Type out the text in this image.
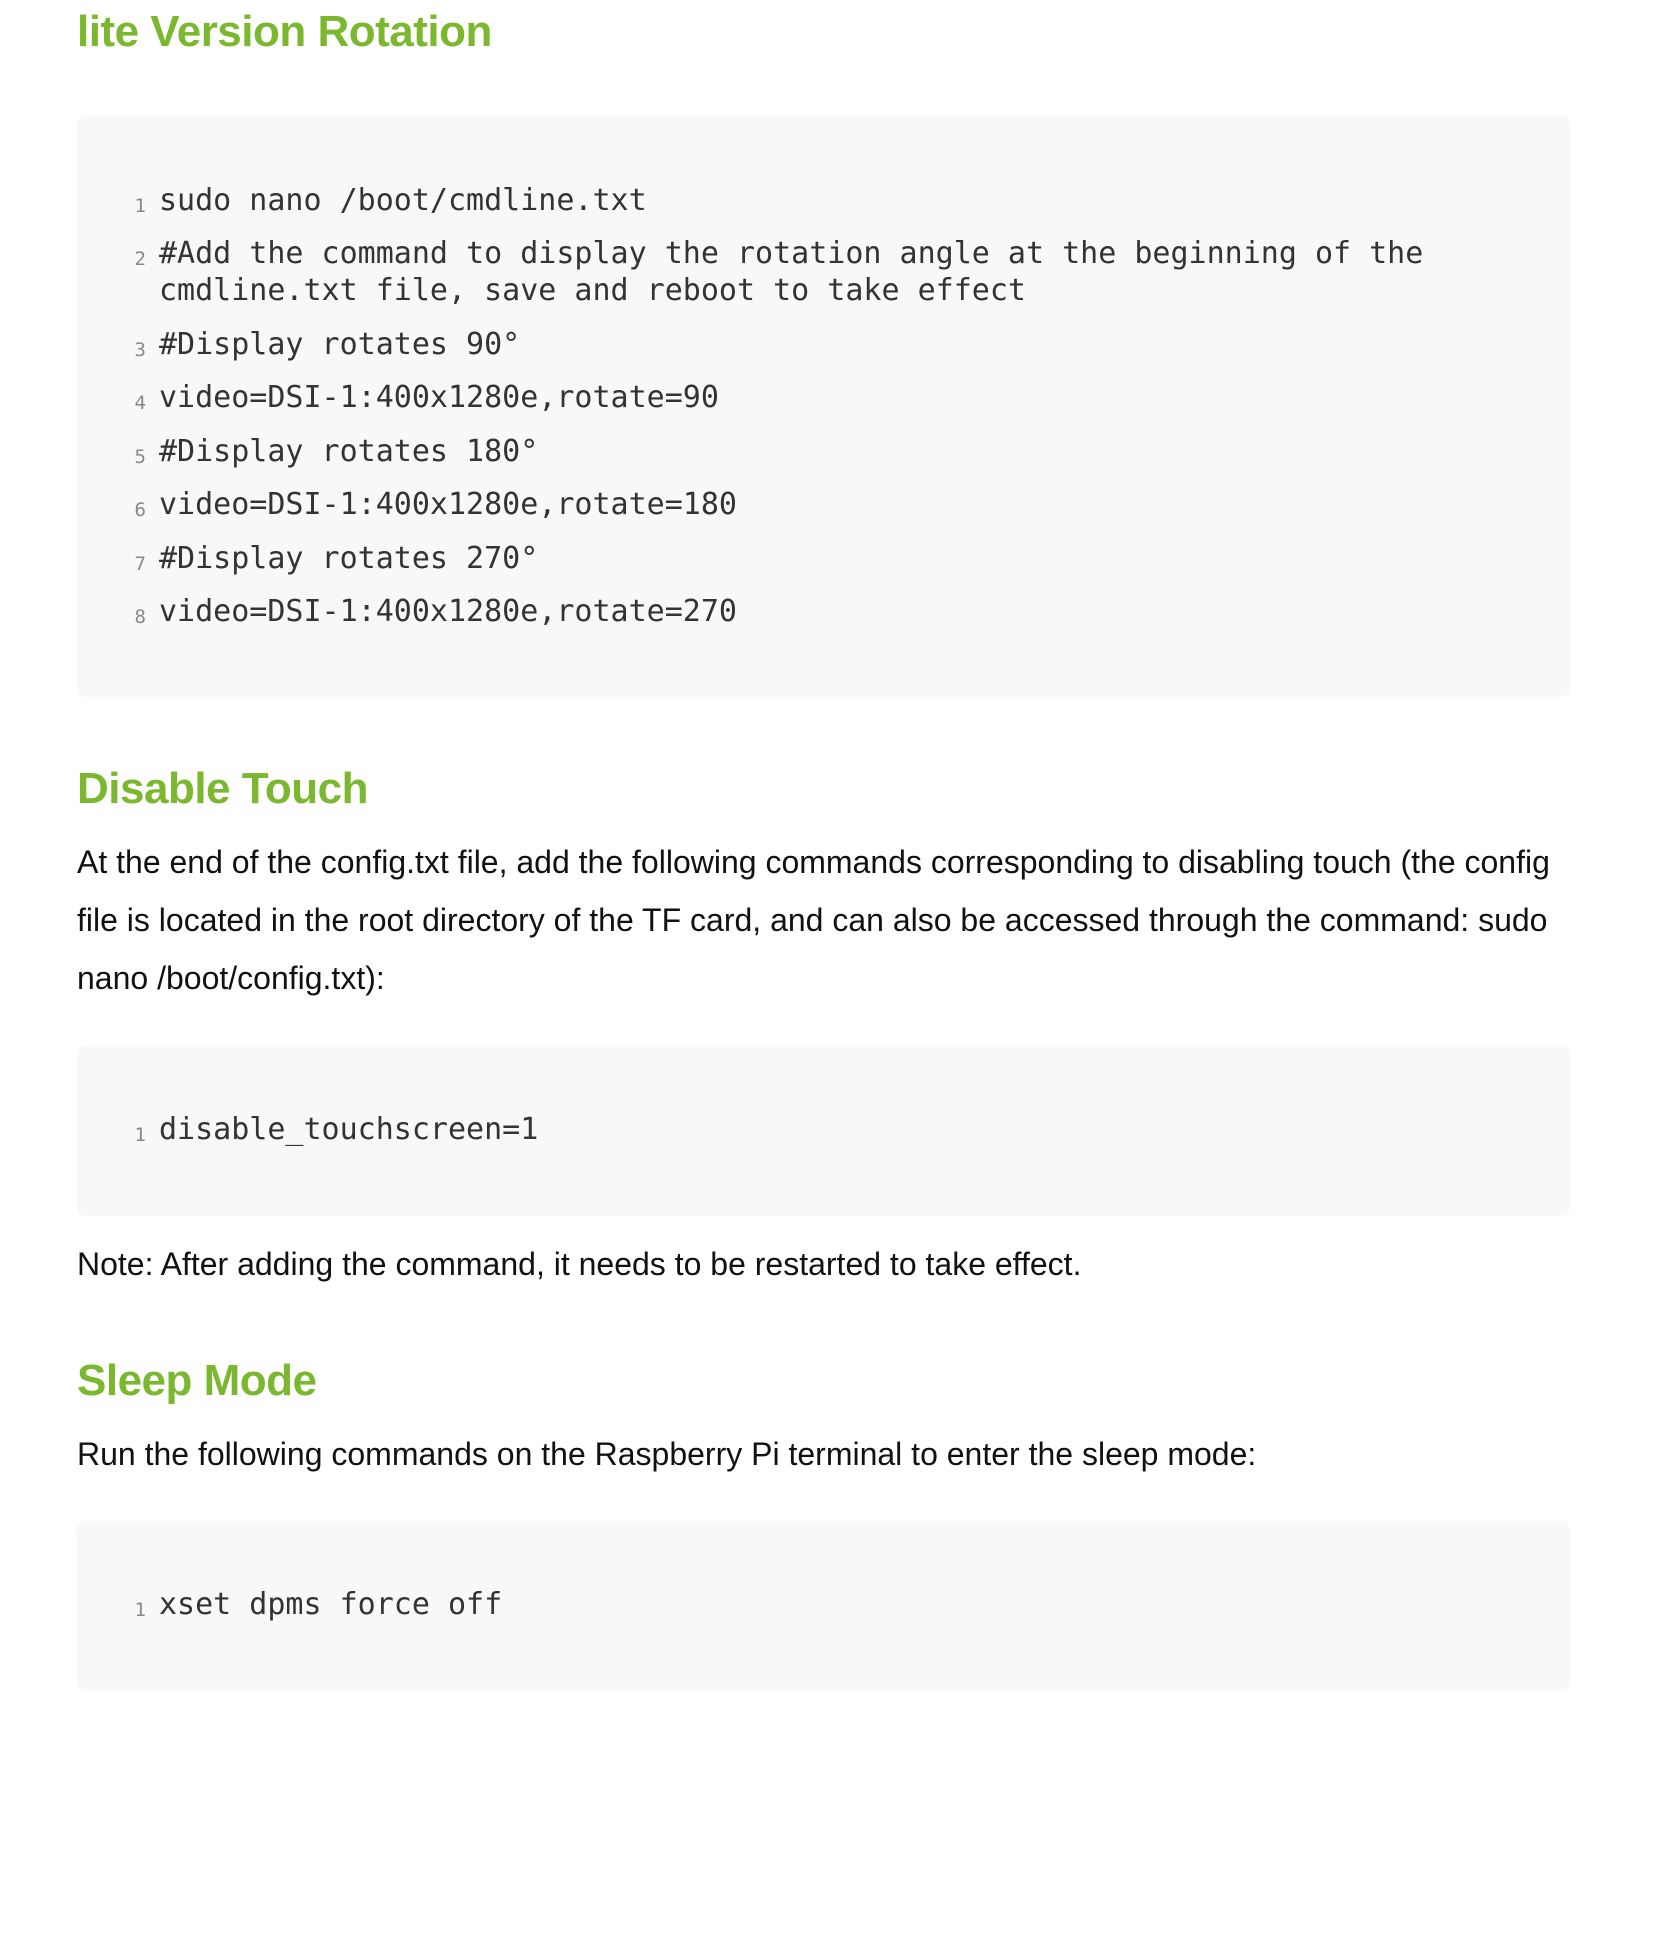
lite Version Rotation
1 sudo nano /boot/cmdline.txt
2 #Add the command to display the rotation angle at the beginning of the cmdline.txt file, save and reboot to take effect
3 #Display rotates 90°
4 video=DSI-1:400x1280e,rotate=90
5 #Display rotates 180°
6 video=DSI-1:400x1280e,rotate=180
7 #Display rotates 270°
8 video=DSI-1:400x1280e,rotate=270
Disable Touch

At the end of the config.txt file, add the following commands corresponding to disabling touch (the config file is located in the root directory of the TF card, and can also be accessed through the command: sudo nano /boot/config.txt):

1 disable_touchscreen=1

Note: After adding the command, it needs to be restarted to take effect.

Sleep Mode

Run the following commands on the Raspberry Pi terminal to enter the sleep mode:

1 xset dpms force off
